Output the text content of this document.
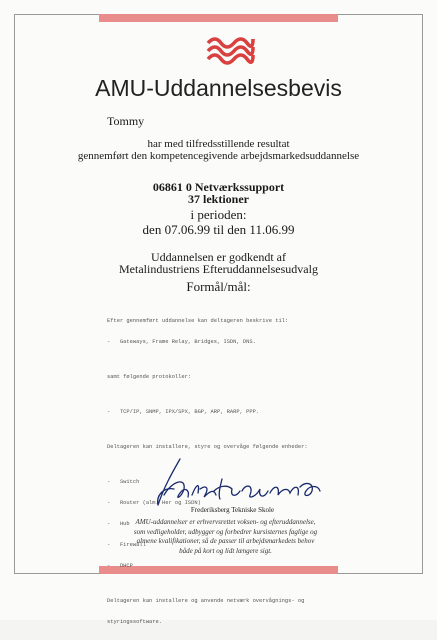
AMU-Uddannelsesbevis
Tommy
har med tilfredsstillende resultat
gennemført den kompetencegivende arbejdsmarkedsuddannelse
06861 0 Netværkssupport
37 lektioner
i perioden:
den 07.06.99 til den 11.06.99
Uddannelsen er godkendt af
Metalindustriens Efteruddannelsesudvalg
Formål/mål:

Efter gennemført uddannelse kan deltageren beskrive til:

-   Gateways, Frame Relay, Bridges, ISDN, DNS.

samt følgende protokoller:

-   TCP/IP, SNMP, IPX/SPX, BGP, ARP, RARP, PPP.

Deltageren kan installere, styre og overvåge følgende enheder:

-   Switch

-   Router (alm. Her og ISDN)

-   Hub

-   Firewall

-   DHCP

Deltageren kan installere og anvende netværk overvågnings- og

styringssoftware.

Frederiksberg Tekniske Skole
AMU-uddannelser er erhvervsrettet voksen- og efteruddannelse,
som vedligeholder, udbygger og forbedrer kursisternes faglige og
almene kvalifikationer, så de passer til arbejdsmarkedets behov
både på kort og lidt længere sigt.
